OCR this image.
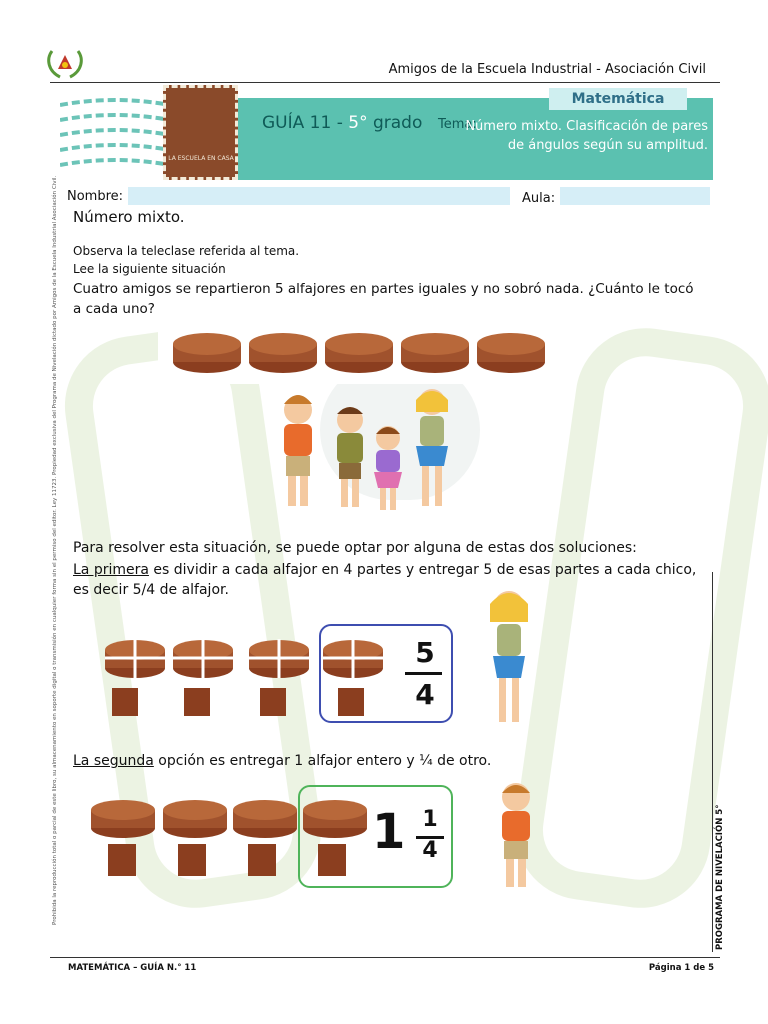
Amigos de la Escuela Industrial - Asociación Civil
LA ESCUELA EN CASA
Matemática
GUÍA 11 - 5° grado Tema:
Número mixto. Clasificación de pares de ángulos según su amplitud.
Prohibida la reproducción total o parcial de este libro, su almacenamiento en soporte digital o transmisión en cualquier forma sin el permiso del editor. Ley 11723. Propiedad exclusiva del Programa de Nivelación dictado por Amigos de la Escuela Industrial Asociación Civil. Nombre:	Aula:
Número mixto.
Observa la teleclase referida al tema.
Lee la siguiente situación
Cuatro amigos se repartieron 5 alfajores en partes iguales y no sobró nada. ¿Cuánto le tocó a cada uno?
Para resolver esta situación, se puede optar por alguna de estas dos soluciones:
La primera es dividir a cada alfajor en 4 partes y entregar 5 de esas partes a cada chico, es decir 5/4 de alfajor.
5
4
La segunda opción es entregar 1 alfajor entero y ¼ de otro.
1 1
4	PROGRAMA DE NIVELACIÓN 5°
MATEMÁTICA – GUÍA N.° 11	Página 1 de 5
